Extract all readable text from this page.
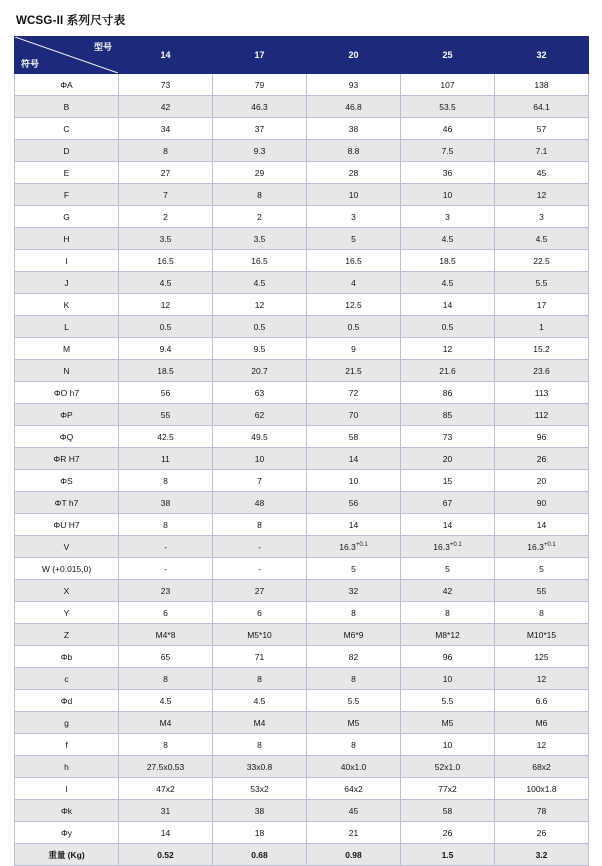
WCSG-II 系列尺寸表
型号
符号	14	17	20	25	32
ΦA	73	79	93	107	138
B	42	46.3	46.8	53.5	64.1
C	34	37	38	46	57
D	8	9.3	8.8	7.5	7.1
E	27	29	28	36	45
F	7	8	10	10	12
G	2	2	3	3	3
H	3.5	3.5	5	4.5	4.5
I	16.5	16.5	16.5	18.5	22.5
J	4.5	4.5	4	4.5	5.5
K	12	12	12.5	14	17
L	0.5	0.5	0.5	0.5	1
M	9.4	9.5	9	12	15.2
N	18.5	20.7	21.5	21.6	23.6
ΦO h7	56	63	72	86	113
ΦP	55	62	70	85	112
ΦQ	42.5	49.5	58	73	96
ΦR H7	11	10	14	20	26
ΦS	8	7	10	15	20
ΦT h7	38	48	56	67	90
ΦU H7	8	8	14	14	14
V	-	-	$16.3^{+0.1}$	$16.3^{+0.1}$	$16.3^{+0.1}$
W (+0.015,0)	-	-	5	5	5
X	23	27	32	42	55
Y	6	6	8	8	8
Z	M4*8	M5*10	M6*9	M8*12	M10*15
Φb	65	71	82	96	125
c	8	8	8	10	12
Φd	4.5	4.5	5.5	5.5	6.6
g	M4	M4	M5	M5	M6
f	8	8	8	10	12
h	27.5x0.53	33x0.8	40x1.0	52x1.0	68x2
l	47x2	53x2	64x2	77x2	100x1.8
Φk	31	38	45	58	78
Φy	14	18	21	26	26
重量 (Kg)	0.52	0.68	0.98	1.5	3.2
